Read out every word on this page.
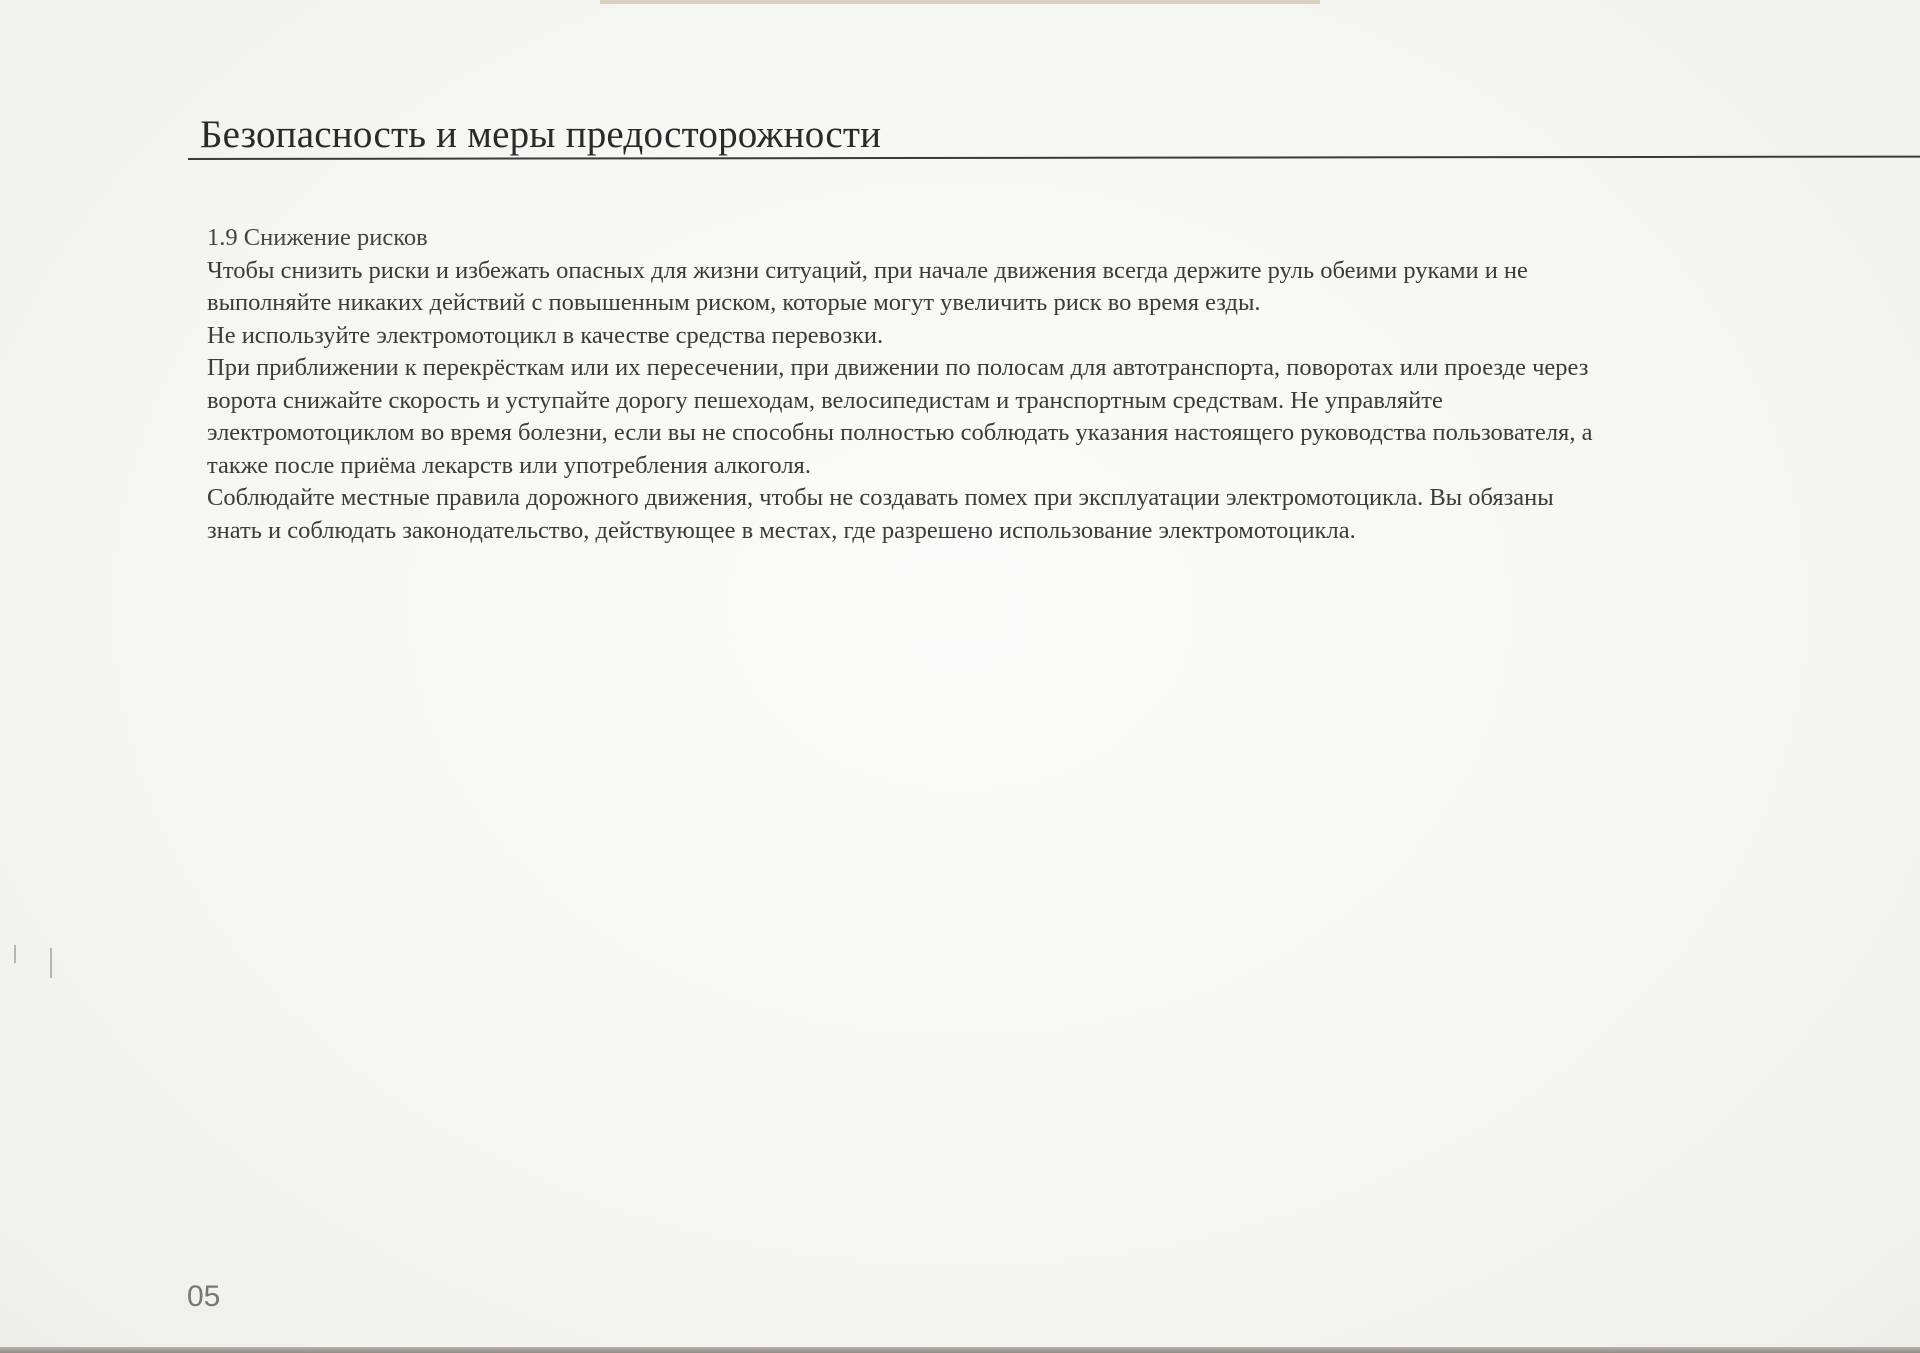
Безопасность и меры предосторожности
1.9 Снижение рисков

Чтобы снизить риски и избежать опасных для жизни ситуаций, при начале движения всегда держите руль обеими руками и не

выполняйте никаких действий с повышенным риском, которые могут увеличить риск во время езды.

Не используйте электромотоцикл в качестве средства перевозки.

При приближении к перекрёсткам или их пересечении, при движении по полосам для автотранспорта, поворотах или проезде через

ворота снижайте скорость и уступайте дорогу пешеходам, велосипедистам и транспортным средствам. Не управляйте

электромотоциклом во время болезни, если вы не способны полностью соблюдать указания настоящего руководства пользователя, а

также после приёма лекарств или употребления алкоголя.

Соблюдайте местные правила дорожного движения, чтобы не создавать помех при эксплуатации электромотоцикла. Вы обязаны

знать и соблюдать законодательство, действующее в местах, где разрешено использование электромотоцикла.

05
